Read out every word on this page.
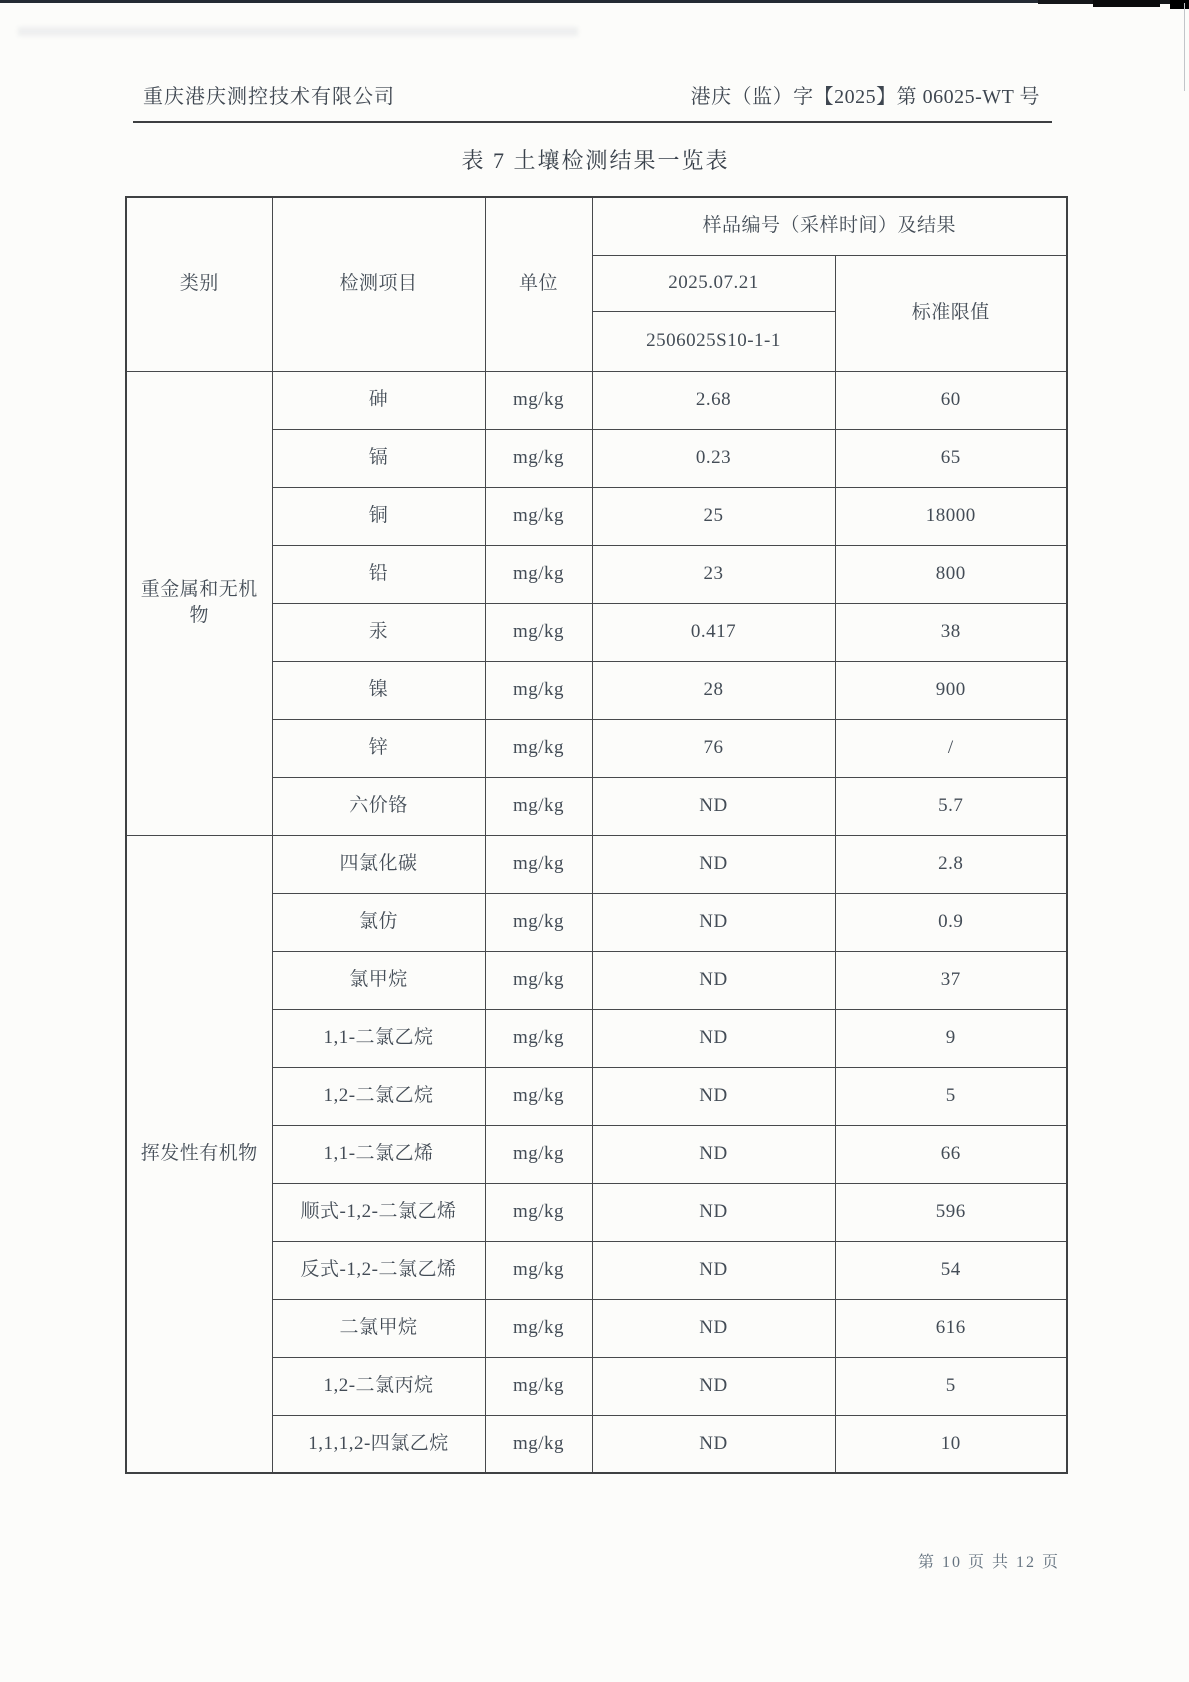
重庆港庆测控技术有限公司	港庆（监）字【2025】第 06025-WT 号
表 7 土壤检测结果一览表
类别	检测项目	单位	样品编号（采样时间）及结果	
			2025.07.21	标准限值
			2506025S10-1-1	
重金属和无机物	砷	mg/kg	2.68	60
	镉	mg/kg	0.23	65
	铜	mg/kg	25	18000
	铅	mg/kg	23	800
	汞	mg/kg	0.417	38
	镍	mg/kg	28	900
	锌	mg/kg	76	/
	六价铬	mg/kg	ND	5.7
挥发性有机物	四氯化碳	mg/kg	ND	2.8
	氯仿	mg/kg	ND	0.9
	氯甲烷	mg/kg	ND	37
	1,1-二氯乙烷	mg/kg	ND	9
	1,2-二氯乙烷	mg/kg	ND	5
	1,1-二氯乙烯	mg/kg	ND	66
	顺式-1,2-二氯乙烯	mg/kg	ND	596
	反式-1,2-二氯乙烯	mg/kg	ND	54
	二氯甲烷	mg/kg	ND	616
	1,2-二氯丙烷	mg/kg	ND	5
	1,1,1,2-四氯乙烷	mg/kg	ND	10
第 10 页 共 12 页
